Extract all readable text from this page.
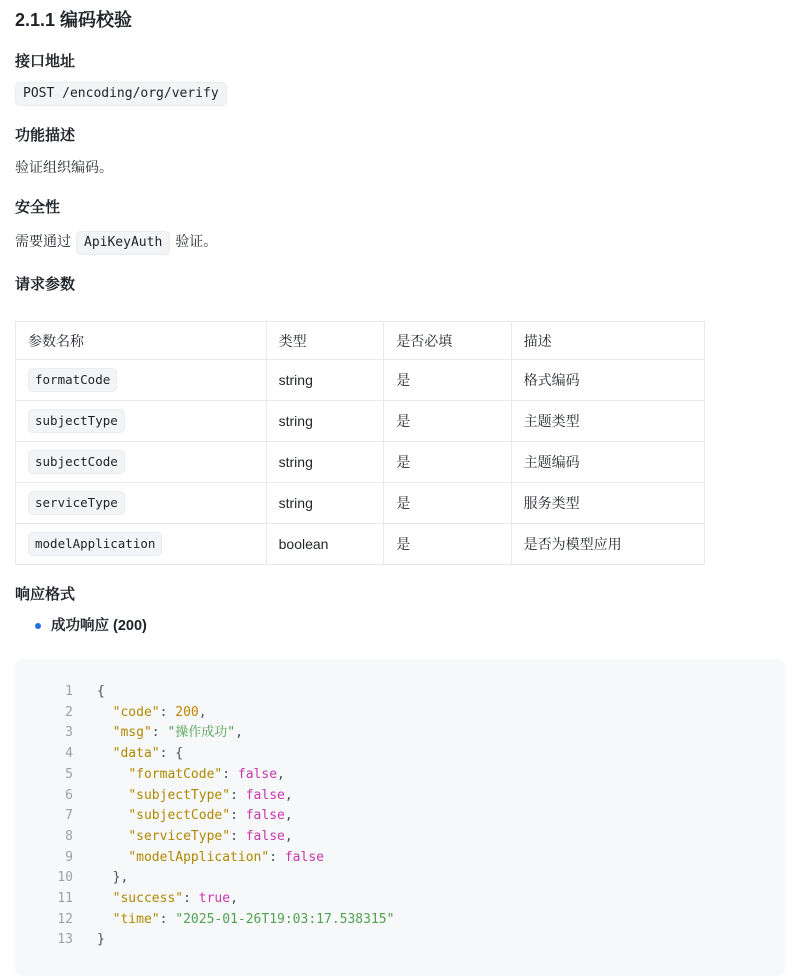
2.1.1 编码校验
接口地址

POST /encoding/org/verify

功能描述

验证组织编码。

安全性

需要通过 ApiKeyAuth 验证。

请求参数
参数名称	类型	是否必填	描述
formatCode	string	是	格式编码
subjectType	string	是	主题类型
subjectCode	string	是	主题编码
serviceType	string	是	服务类型
modelApplication	boolean	是	是否为模型应用
响应格式
成功响应 (200)
1	{
2	"code": 200,
3	"msg": "操作成功",
4	"data": {
5	"formatCode": false,
6	"subjectType": false,
7	"subjectCode": false,
8	"serviceType": false,
9	"modelApplication": false
10	},
11	"success": true,
12	"time": "2025-01-26T19:03:17.538315"
13	}
